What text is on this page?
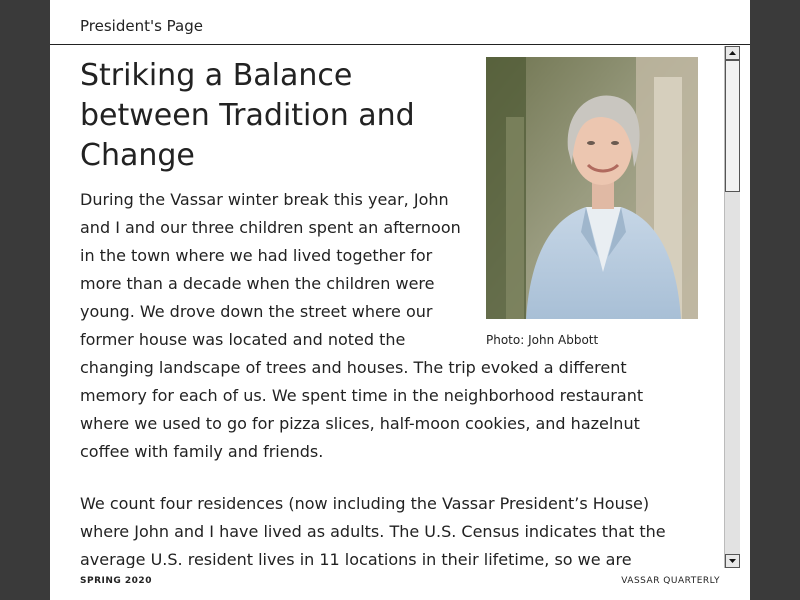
President's Page
Photo: John Abbott
Striking a Balance between Tradition and Change

During the Vassar winter break this year, John and I and our three children spent an afternoon in the town where we had lived together for more than a decade when the children were young. We drove down the street where our former house was located and noted the changing landscape of trees and houses. The trip evoked a different memory for each of us. We spent time in the neighborhood restaurant where we used to go for pizza slices, half-moon cookies, and hazelnut coffee with family and friends.

We count four residences (now including the Vassar President’s House) where John and I have lived as adults. The U.S. Census indicates that the average U.S. resident lives in 11 locations in their lifetime, so we are

SPRING 2020	VASSAR QUARTERLY
